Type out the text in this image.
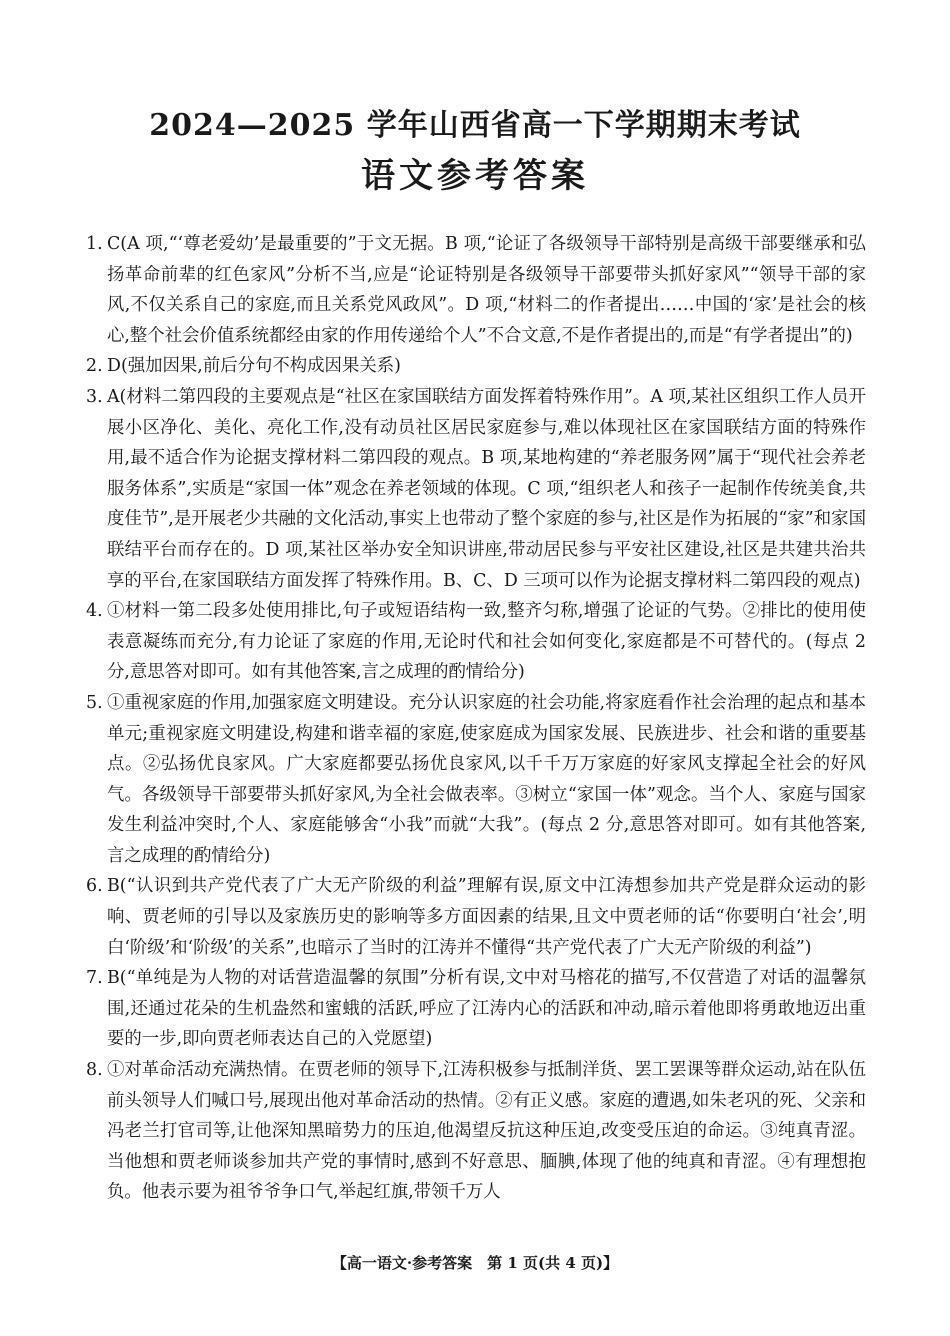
2024—2025 学年山西省高一下学期期末考试
语文参考答案
1. C(A 项,“‘尊老爱幼’是最重要的”于文无据。B 项,“论证了各级领导干部特别是高级干部要继承和弘扬革命前辈的红色家风”分析不当,应是“论证特别是各级领导干部要带头抓好家风”“领导干部的家风,不仅关系自己的家庭,而且关系党风政风”。D 项,“材料二的作者提出……中国的‘家’是社会的核心,整个社会价值系统都经由家的作用传递给个人”不合文意,不是作者提出的,而是“有学者提出”的)
2. D(强加因果,前后分句不构成因果关系)
3. A(材料二第四段的主要观点是“社区在家国联结方面发挥着特殊作用”。A 项,某社区组织工作人员开展小区净化、美化、亮化工作,没有动员社区居民家庭参与,难以体现社区在家国联结方面的特殊作用,最不适合作为论据支撑材料二第四段的观点。B 项,某地构建的“养老服务网”属于“现代社会养老服务体系”,实质是“家国一体”观念在养老领域的体现。C 项,“组织老人和孩子一起制作传统美食,共度佳节”,是开展老少共融的文化活动,事实上也带动了整个家庭的参与,社区是作为拓展的“家”和家国联结平台而存在的。D 项,某社区举办安全知识讲座,带动居民参与平安社区建设,社区是共建共治共享的平台,在家国联结方面发挥了特殊作用。B、C、D 三项可以作为论据支撑材料二第四段的观点)
4. ①材料一第二段多处使用排比,句子或短语结构一致,整齐匀称,增强了论证的气势。②排比的使用使表意凝练而充分,有力论证了家庭的作用,无论时代和社会如何变化,家庭都是不可替代的。(每点 2 分,意思答对即可。如有其他答案,言之成理的酌情给分)
5. ①重视家庭的作用,加强家庭文明建设。充分认识家庭的社会功能,将家庭看作社会治理的起点和基本单元;重视家庭文明建设,构建和谐幸福的家庭,使家庭成为国家发展、民族进步、社会和谐的重要基点。②弘扬优良家风。广大家庭都要弘扬优良家风,以千千万万家庭的好家风支撑起全社会的好风气。各级领导干部要带头抓好家风,为全社会做表率。③树立“家国一体”观念。当个人、家庭与国家发生利益冲突时,个人、家庭能够舍“小我”而就“大我”。(每点 2 分,意思答对即可。如有其他答案,言之成理的酌情给分)
6. B(“认识到共产党代表了广大无产阶级的利益”理解有误,原文中江涛想参加共产党是群众运动的影响、贾老师的引导以及家族历史的影响等多方面因素的结果,且文中贾老师的话“你要明白‘社会’,明白‘阶级’和‘阶级’的关系”,也暗示了当时的江涛并不懂得“共产党代表了广大无产阶级的利益”)
7. B(“单纯是为人物的对话营造温馨的氛围”分析有误,文中对马榕花的描写,不仅营造了对话的温馨氛围,还通过花朵的生机盎然和蜜蛾的活跃,呼应了江涛内心的活跃和冲动,暗示着他即将勇敢地迈出重要的一步,即向贾老师表达自己的入党愿望)
8. ①对革命活动充满热情。在贾老师的领导下,江涛积极参与抵制洋货、罢工罢课等群众运动,站在队伍前头领导人们喊口号,展现出他对革命活动的热情。②有正义感。家庭的遭遇,如朱老巩的死、父亲和冯老兰打官司等,让他深知黑暗势力的压迫,他渴望反抗这种压迫,改变受压迫的命运。③纯真青涩。当他想和贾老师谈参加共产党的事情时,感到不好意思、腼腆,体现了他的纯真和青涩。④有理想抱负。他表示要为祖爷爷争口气,举起红旗,带领千万人
【高一语文·参考答案　第 1 页(共 4 页)】
